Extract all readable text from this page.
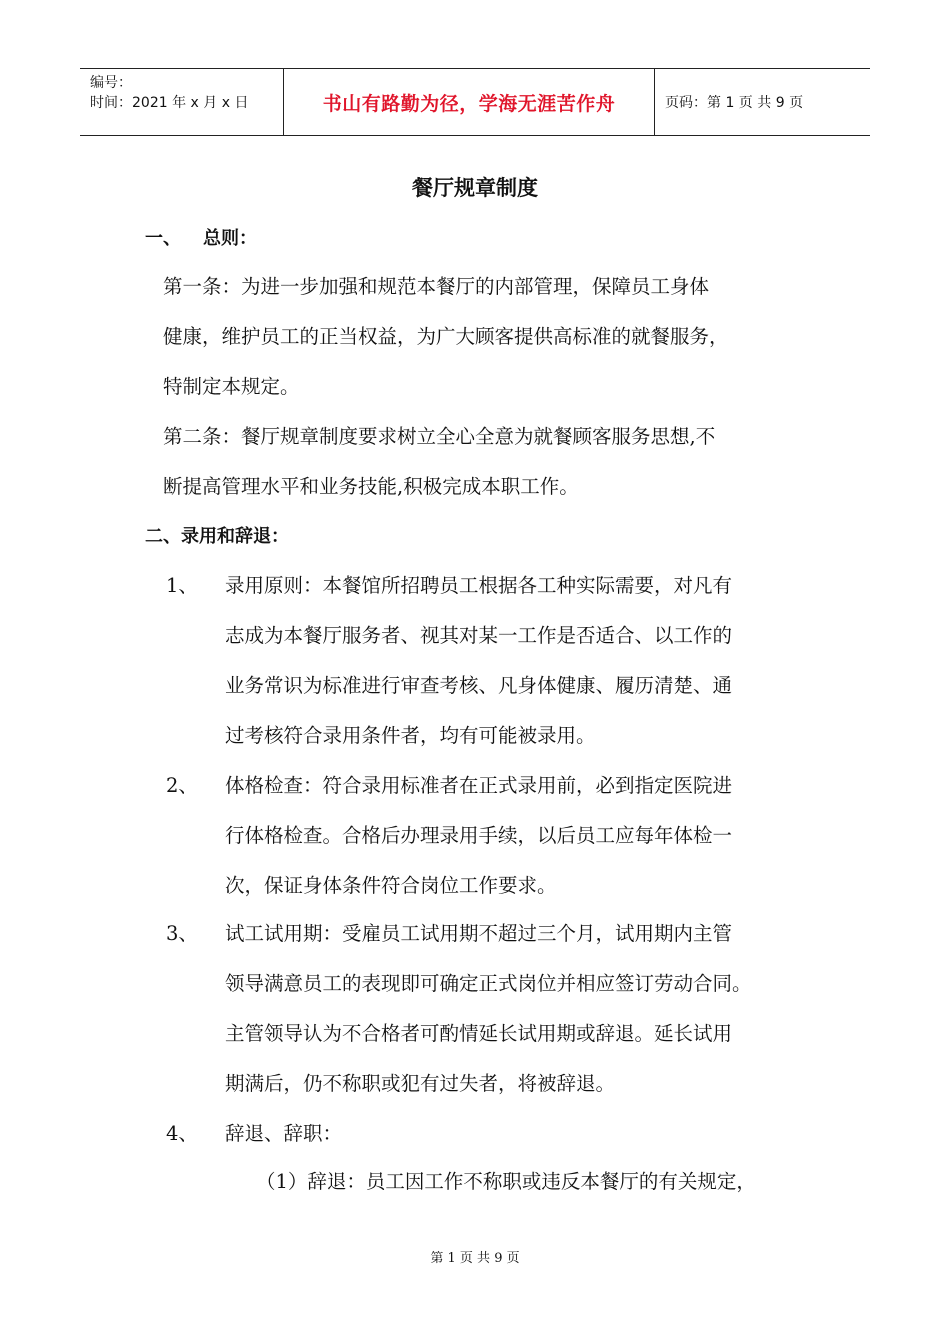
编号：
时间：2021 年 x 月 x 日	书山有路勤为径，学海无涯苦作舟	页码：第 1 页 共 9 页
餐厅规章制度
一、 总则：
第一条：为进一步加强和规范本餐厅的内部管理，保障员工身体
健康，维护员工的正当权益，为广大顾客提供高标准的就餐服务，
特制定本规定。
第二条：餐厅规章制度要求树立全心全意为就餐顾客服务思想,不
断提高管理水平和业务技能,积极完成本职工作。
二、录用和辞退：
1、 录用原则：本餐馆所招聘员工根据各工种实际需要，对凡有
志成为本餐厅服务者、视其对某一工作是否适合、以工作的
业务常识为标准进行审查考核、凡身体健康、履历清楚、通
过考核符合录用条件者，均有可能被录用。
2、 体格检查：符合录用标准者在正式录用前，必到指定医院进
行体格检查。合格后办理录用手续，以后员工应每年体检一
次，保证身体条件符合岗位工作要求。
3、 试工试用期：受雇员工试用期不超过三个月，试用期内主管
领导满意员工的表现即可确定正式岗位并相应签订劳动合同。
主管领导认为不合格者可酌情延长试用期或辞退。延长试用
期满后，仍不称职或犯有过失者，将被辞退。
4、 辞退、辞职：
（1）辞退：员工因工作不称职或违反本餐厅的有关规定，
第 1 页 共 9 页
